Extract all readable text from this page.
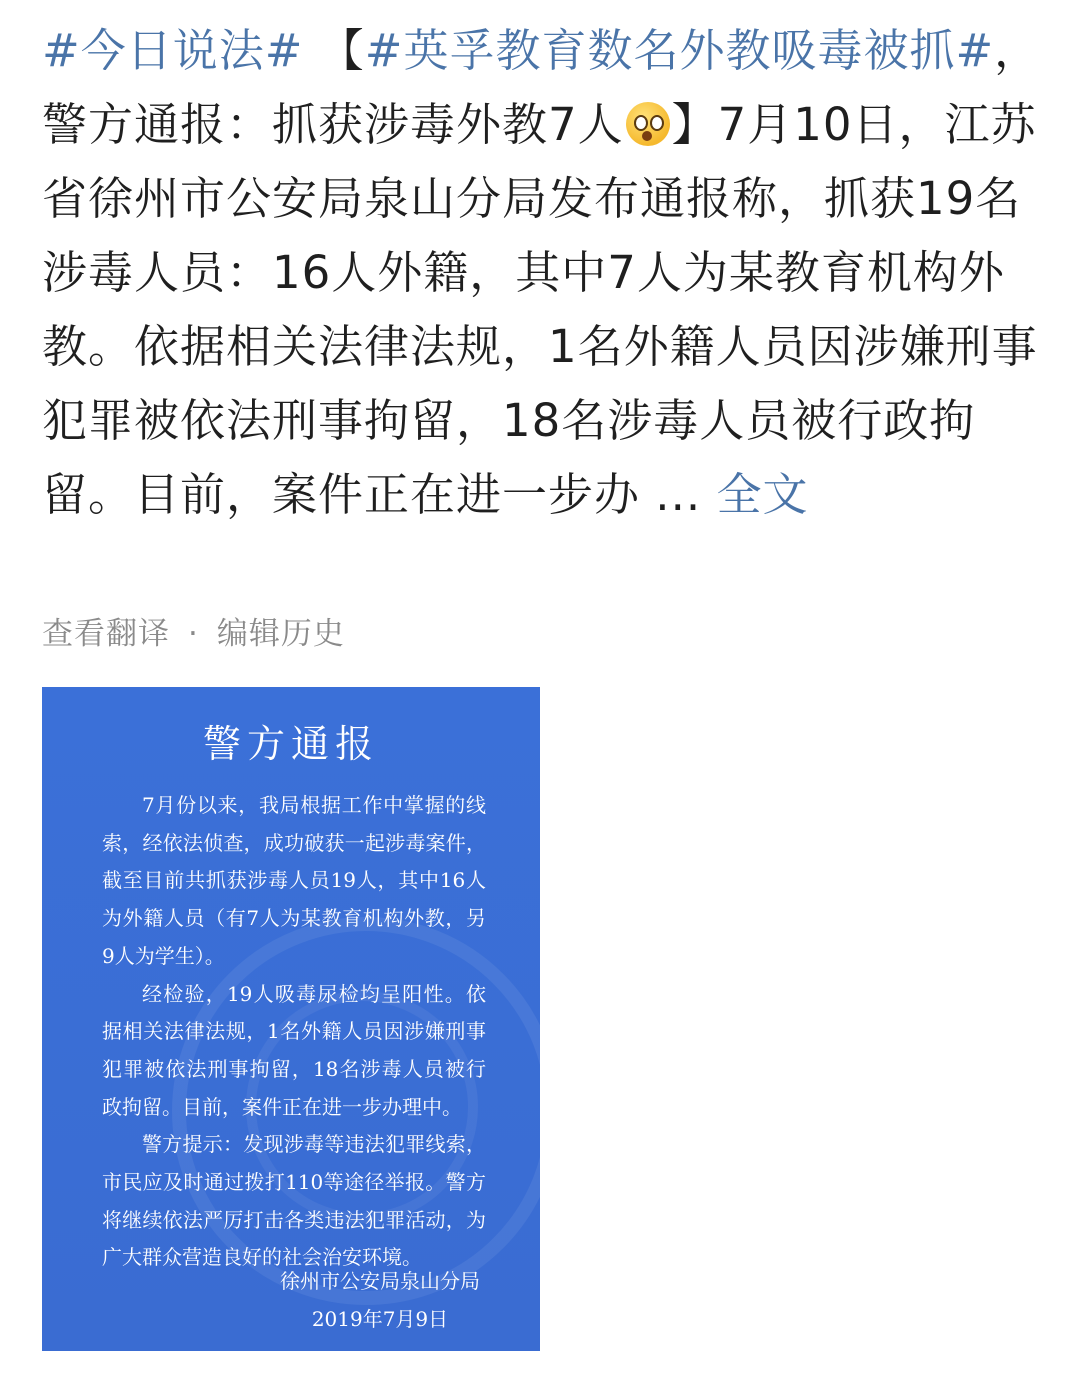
#今日说法# 【#英孚教育数名外教吸毒被抓#，警方通报：抓获涉毒外教7人 】7月10日，江苏省徐州市公安局泉山分局发布通报称，抓获19名涉毒人员：16人外籍，其中7人为某教育机构外教。依据相关法律法规，1名外籍人员因涉嫌刑事犯罪被依法刑事拘留，18名涉毒人员被行政拘留。目前，案件正在进一步办 ... 全文
查看翻译 · 编辑历史
警方通报

7月份以来，我局根据工作中掌握的线索，经依法侦查，成功破获一起涉毒案件，截至目前共抓获涉毒人员19人，其中16人为外籍人员（有7人为某教育机构外教，另9人为学生）。

经检验，19人吸毒尿检均呈阳性。依据相关法律法规，1名外籍人员因涉嫌刑事犯罪被依法刑事拘留，18名涉毒人员被行政拘留。目前，案件正在进一步办理中。

警方提示：发现涉毒等违法犯罪线索，市民应及时通过拨打110等途径举报。警方将继续依法严厉打击各类违法犯罪活动，为广大群众营造良好的社会治安环境。

徐州市公安局泉山分局
2019年7月9日
